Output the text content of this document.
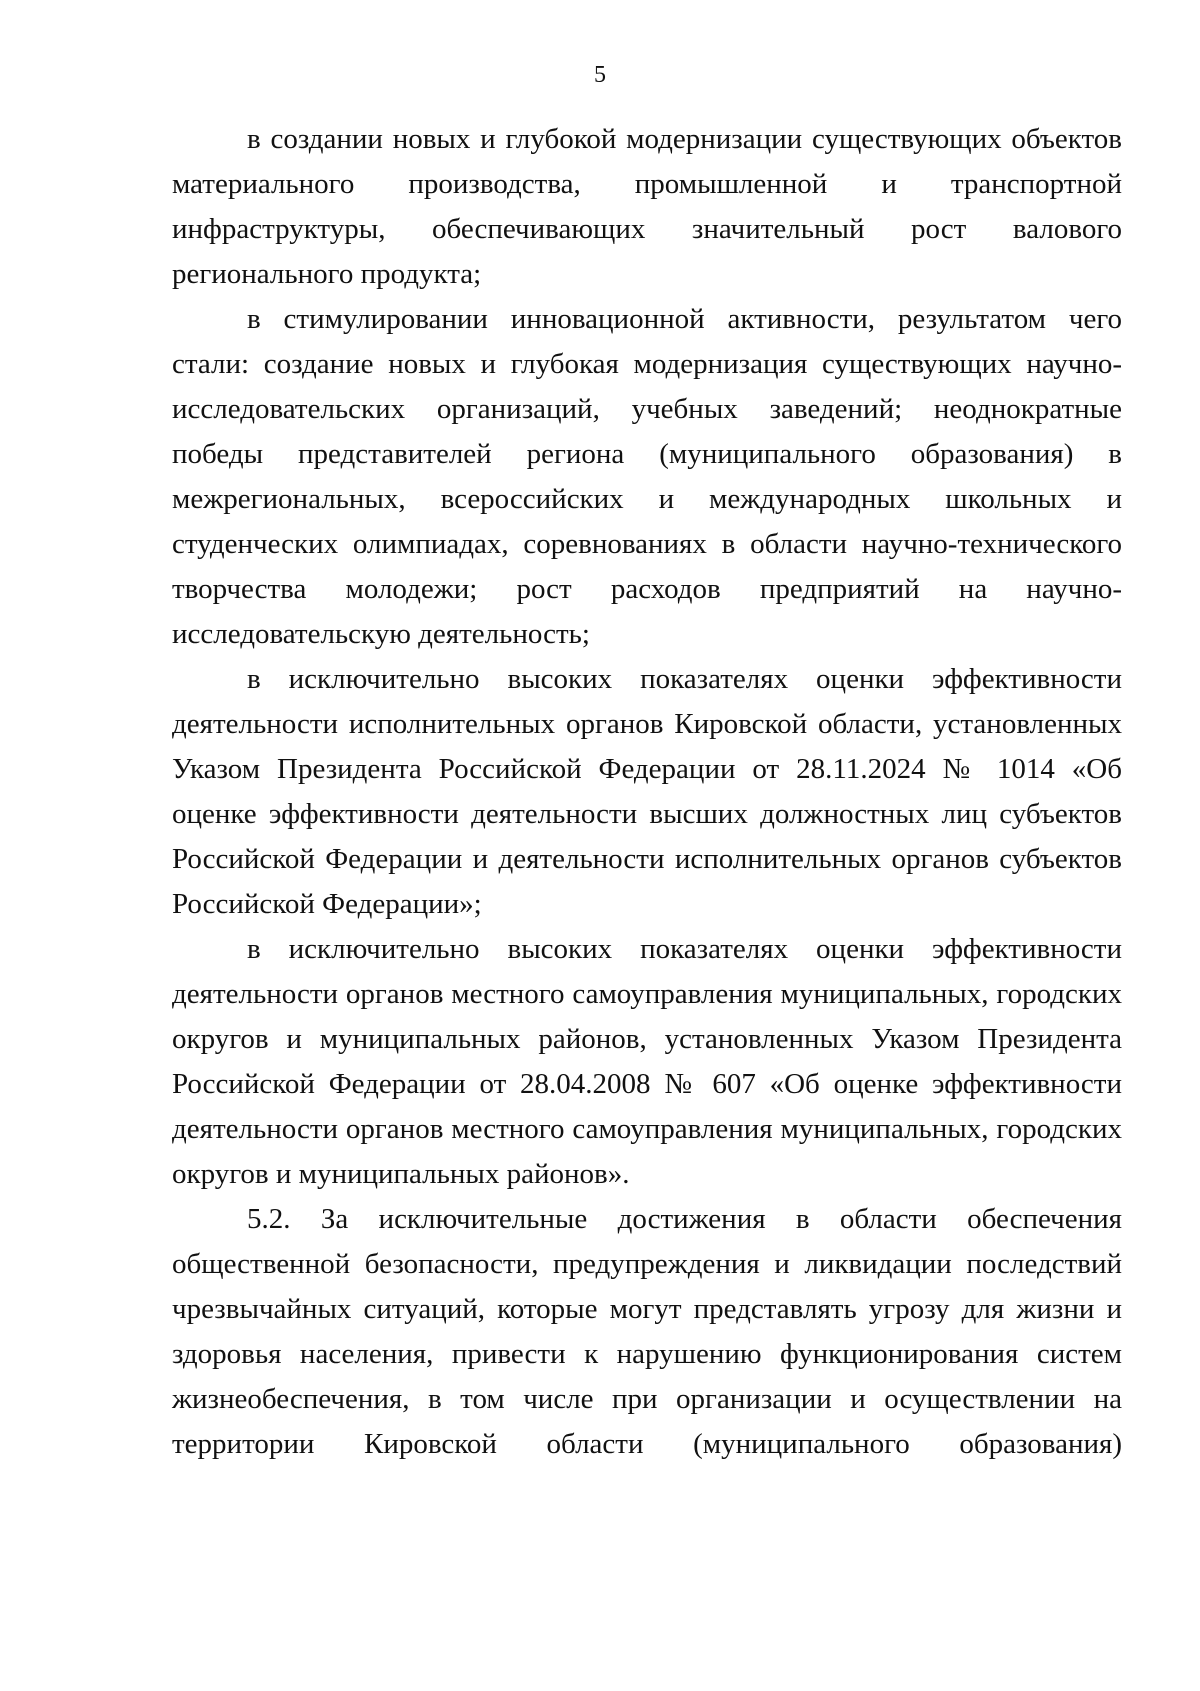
5

в создании новых и глубокой модернизации существующих объектов материального производства, промышленной и транспортной инфраструктуры, обеспечивающих значительный рост валового регионального продукта;

в стимулировании инновационной активности, результатом чего стали: создание новых и глубокая модернизация существующих научно-исследовательских организаций, учебных заведений; неоднократные победы представителей региона (муниципального образования) в межрегиональных, всероссийских и международных школьных и студенческих олимпиадах, соревнованиях в области научно-технического творчества молодежи; рост расходов предприятий на научно-исследовательскую деятельность;

в исключительно высоких показателях оценки эффективности деятельности исполнительных органов Кировской области, установленных Указом Президента Российской Федерации от 28.11.2024 № 1014 «Об оценке эффективности деятельности высших должностных лиц субъектов Российской Федерации и деятельности исполнительных органов субъектов Российской Федерации»;

в исключительно высоких показателях оценки эффективности деятельности органов местного самоуправления муниципальных, городских округов и муниципальных районов, установленных Указом Президента Российской Федерации от 28.04.2008 № 607 «Об оценке эффективности деятельности органов местного самоуправления муниципальных, городских округов и муниципальных районов».

5.2. За исключительные достижения в области обеспечения общественной безопасности, предупреждения и ликвидации последствий чрезвычайных ситуаций, которые могут представлять угрозу для жизни и здоровья населения, привести к нарушению функционирования систем жизнеобеспечения, в том числе при организации и осуществлении на территории Кировской области (муниципального образования)
